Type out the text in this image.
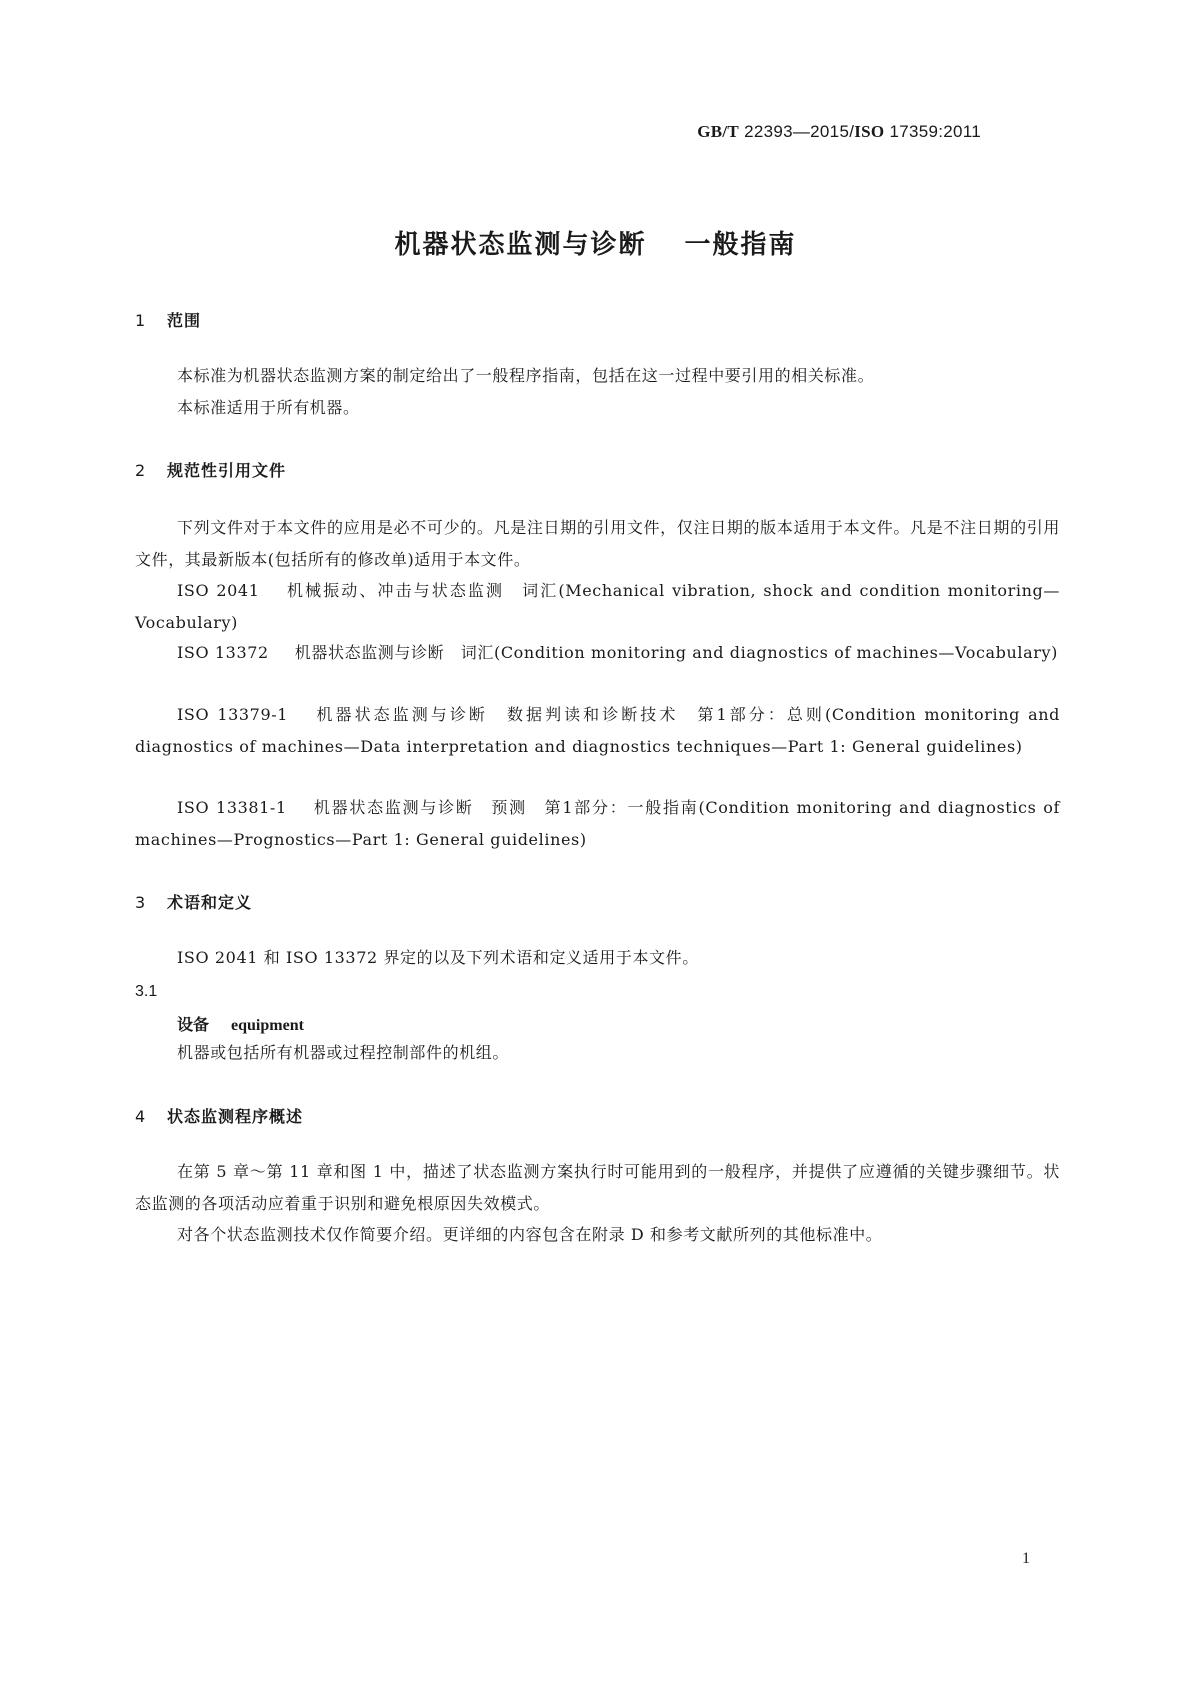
GB/T 22393—2015/ISO 17359:2011
机器状态监测与诊断 一般指南
1 范围
本标准为机器状态监测方案的制定给出了一般程序指南，包括在这一过程中要引用的相关标准。
本标准适用于所有机器。
2 规范性引用文件
下列文件对于本文件的应用是必不可少的。凡是注日期的引用文件，仅注日期的版本适用于本文件。凡是不注日期的引用文件，其最新版本(包括所有的修改单)适用于本文件。
ISO 2041 机械振动、冲击与状态监测　词汇(Mechanical vibration, shock and condition monitoring—Vocabulary)
ISO 13372 机器状态监测与诊断　词汇(Condition monitoring and diagnostics of machines—Vocabulary)
ISO 13379-1 机器状态监测与诊断　数据判读和诊断技术　第1部分：总则(Condition monitoring and diagnostics of machines—Data interpretation and diagnostics techniques—Part 1: General guidelines)
ISO 13381-1 机器状态监测与诊断　预测　第1部分：一般指南(Condition monitoring and diagnostics of machines—Prognostics—Part 1: General guidelines)
3 术语和定义
ISO 2041 和 ISO 13372 界定的以及下列术语和定义适用于本文件。
3.1
设备 equipment
机器或包括所有机器或过程控制部件的机组。
4 状态监测程序概述
在第 5 章～第 11 章和图 1 中，描述了状态监测方案执行时可能用到的一般程序，并提供了应遵循的关键步骤细节。状态监测的各项活动应着重于识别和避免根原因失效模式。
对各个状态监测技术仅作简要介绍。更详细的内容包含在附录 D 和参考文献所列的其他标准中。
1
